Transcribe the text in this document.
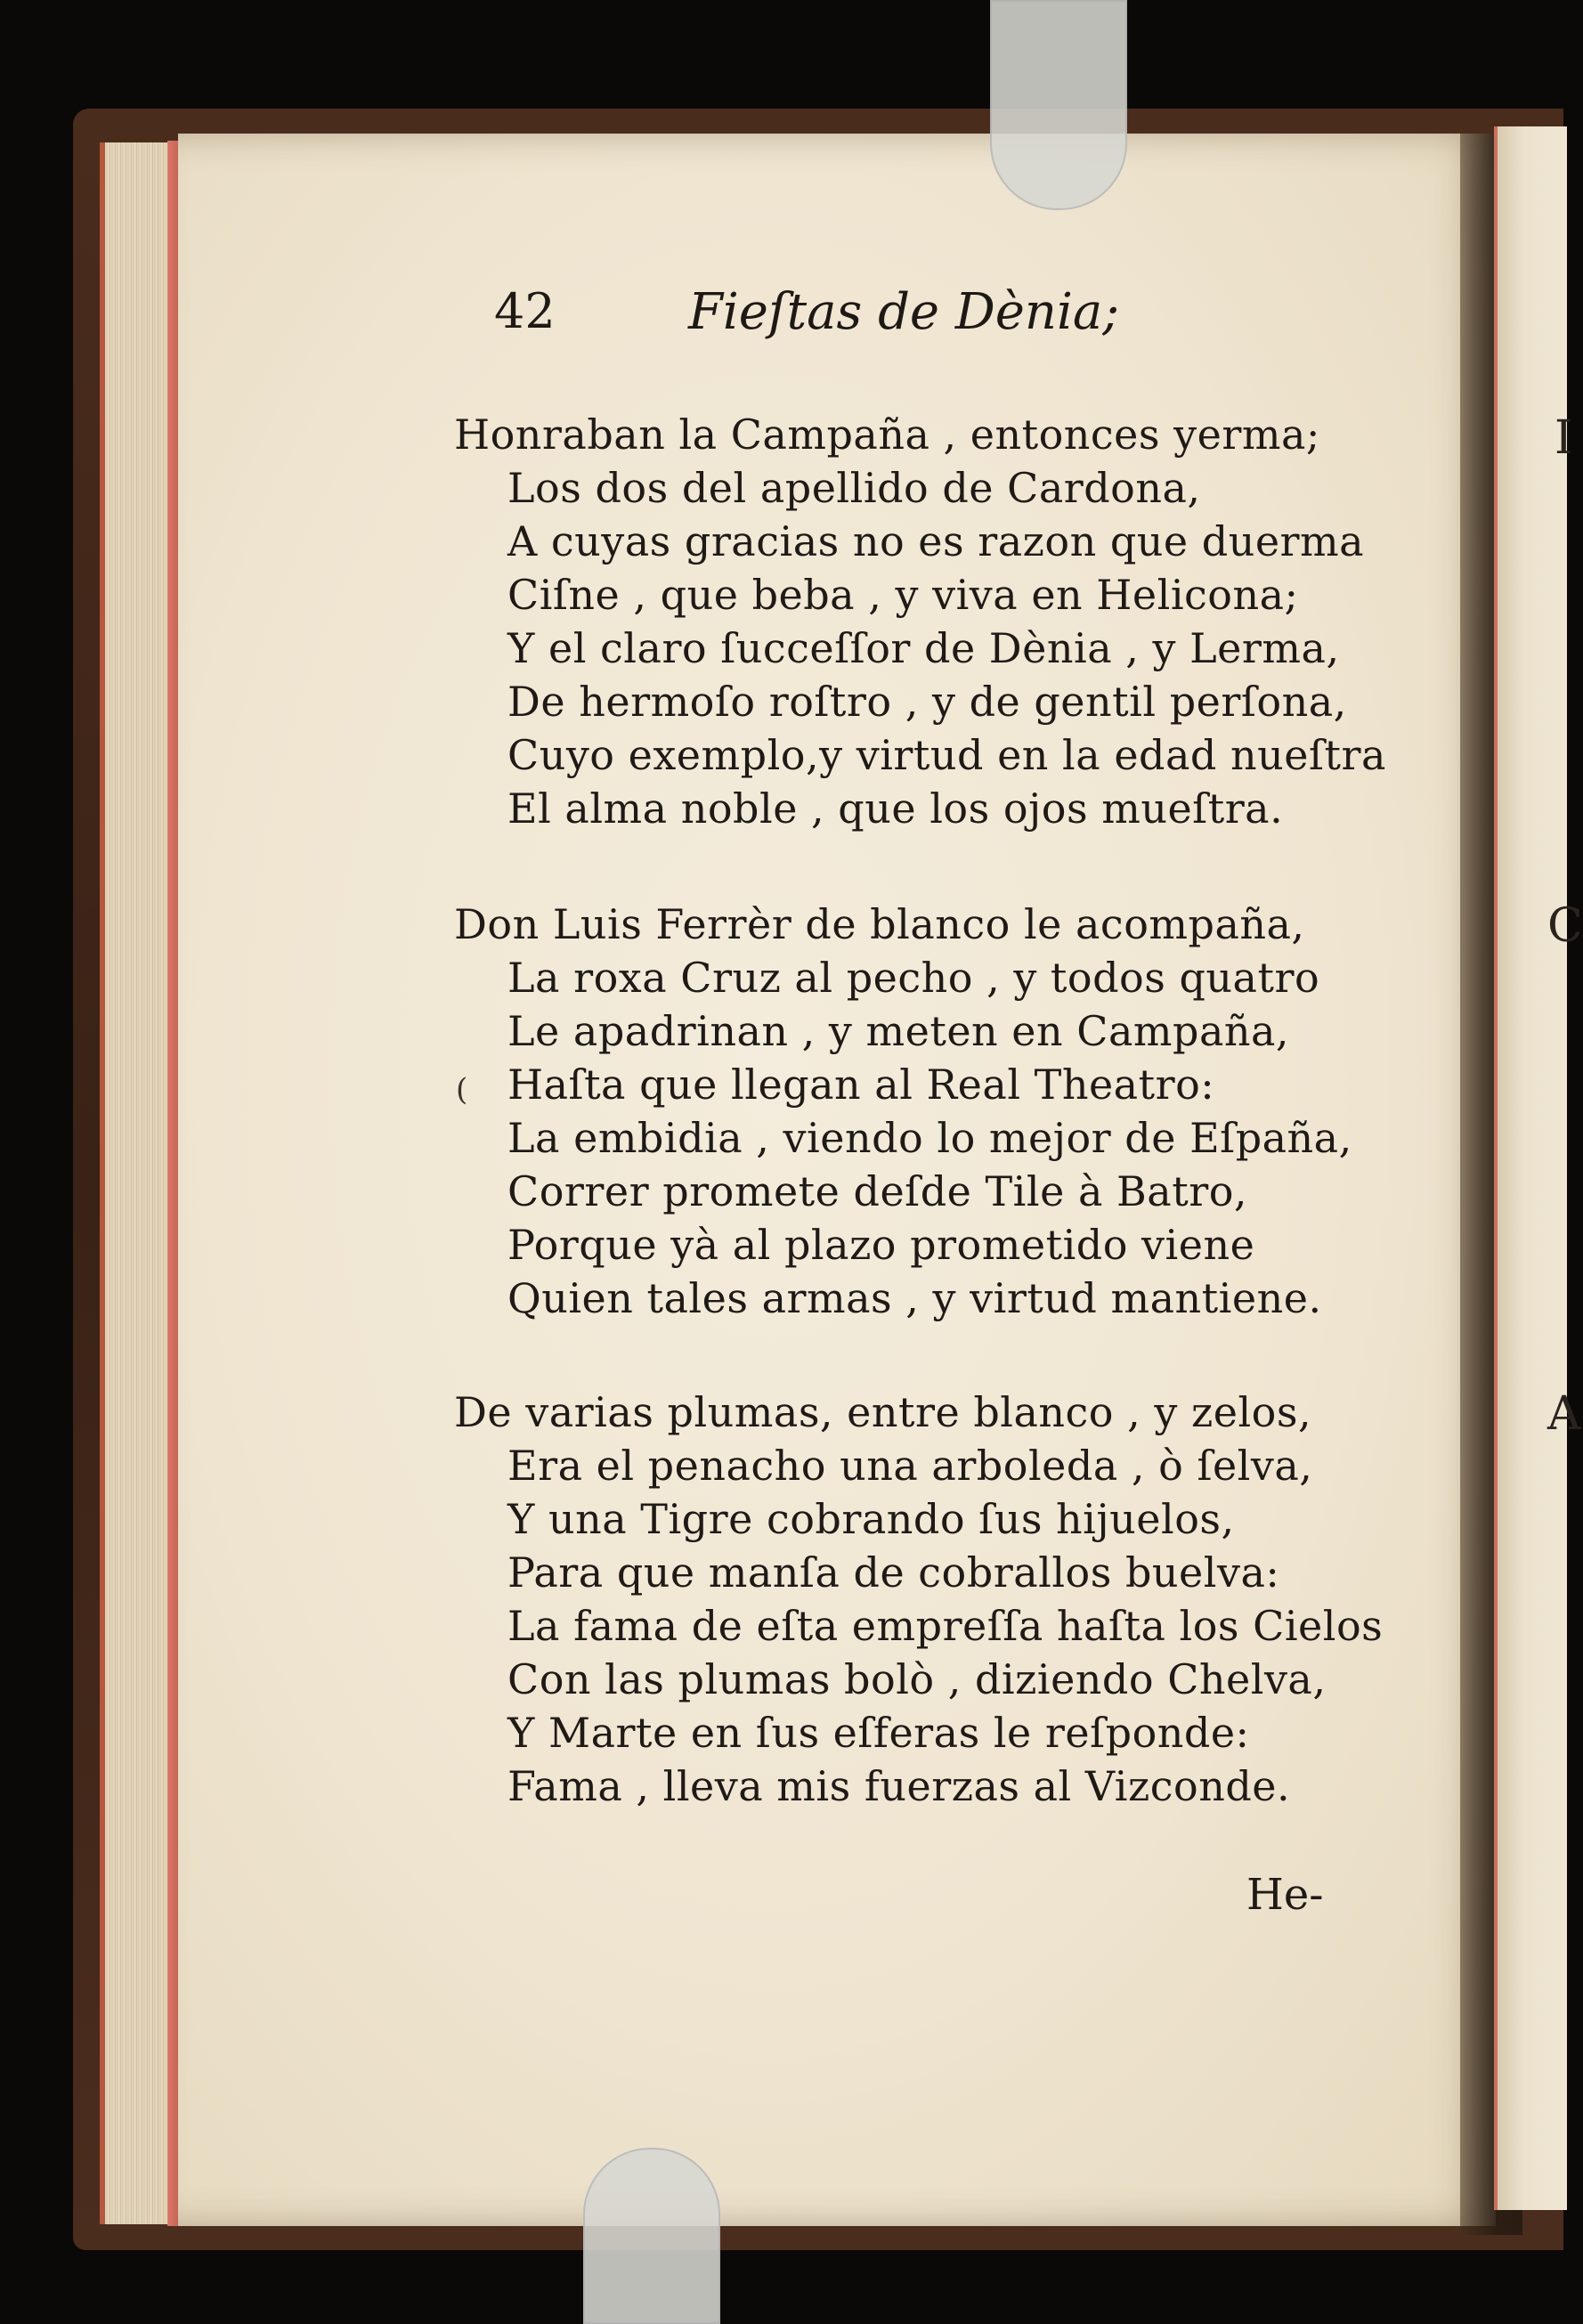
I
C
A
42	Fieſtas de Dènia;
Honraban la Campaña , entonces yerma;
Los dos del apellido de Cardona,
A cuyas gracias no es razon que duerma
Ciſne , que beba , y viva en Helicona;
Y el claro ſucceſſor de Dènia , y Lerma,
De hermoſo roſtro , y de gentil perſona,
Cuyo exemplo,y virtud en la edad nueſtra
El alma noble , que los ojos mueſtra.
Don Luis Ferrèr de blanco le acompaña,
La roxa Cruz al pecho , y todos quatro
Le apadrinan , y meten en Campaña,
Haſta que llegan al Real Theatro:
La embidia , viendo lo mejor de Eſpaña,
Correr promete deſde Tile à Batro,
Porque yà al plazo prometido viene
Quien tales armas , y virtud mantiene.
(
De varias plumas, entre blanco , y zelos,
Era el penacho una arboleda , ò ſelva,
Y una Tigre cobrando ſus hijuelos,
Para que manſa de cobrallos buelva:
La fama de eſta empreſſa haſta los Cielos
Con las plumas bolò , diziendo Chelva,
Y Marte en ſus eſferas le reſponde:
Fama , lleva mis fuerzas al Vizconde.
He-
